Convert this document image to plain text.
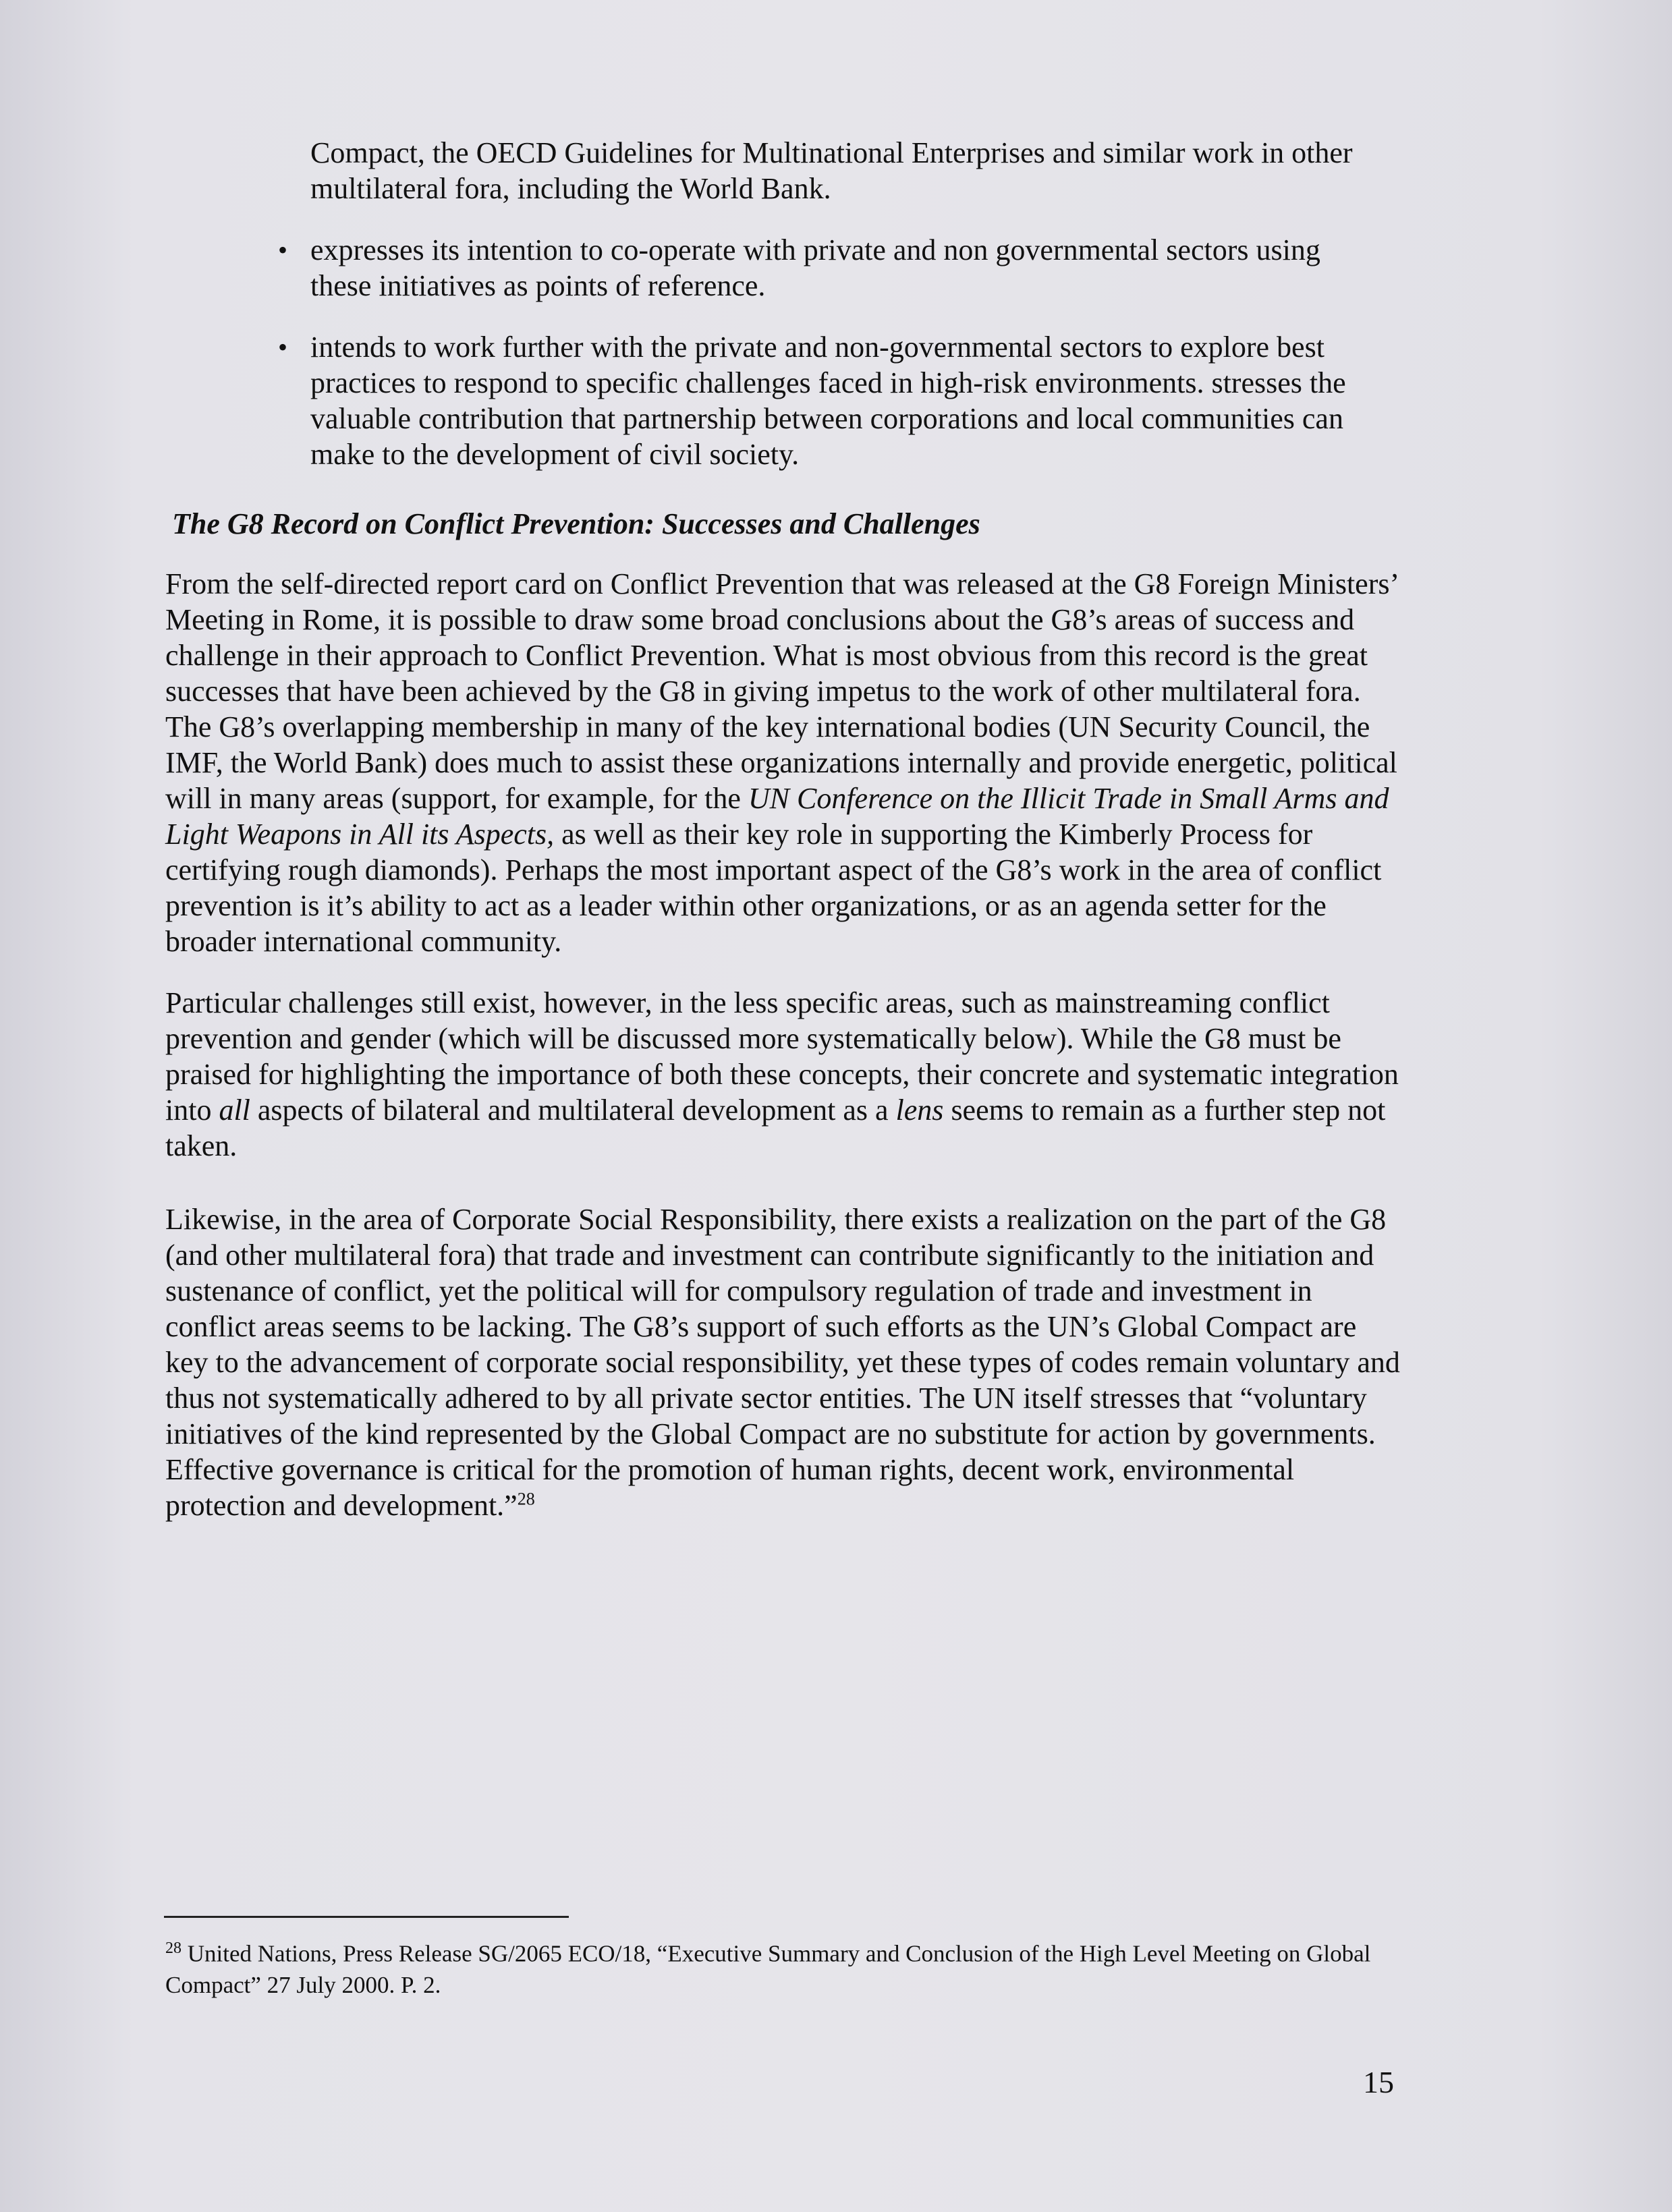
Compact, the OECD Guidelines for Multinational Enterprises and similar work in other multilateral fora, including the World Bank.

• expresses its intention to co-operate with private and non governmental sectors using these initiatives as points of reference.
• intends to work further with the private and non-governmental sectors to explore best practices to respond to specific challenges faced in high-risk environments. stresses the valuable contribution that partnership between corporations and local communities can make to the development of civil society.
The G8 Record on Conflict Prevention: Successes and Challenges

From the self-directed report card on Conflict Prevention that was released at the G8 Foreign Ministers’ Meeting in Rome, it is possible to draw some broad conclusions about the G8’s areas of success and challenge in their approach to Conflict Prevention. What is most obvious from this record is the great successes that have been achieved by the G8 in giving impetus to the work of other multilateral fora. The G8’s overlapping membership in many of the key international bodies (UN Security Council, the IMF, the World Bank) does much to assist these organizations internally and provide energetic, political will in many areas (support, for example, for the UN Conference on the Illicit Trade in Small Arms and Light Weapons in All its Aspects, as well as their key role in supporting the Kimberly Process for certifying rough diamonds). Perhaps the most important aspect of the G8’s work in the area of conflict prevention is it’s ability to act as a leader within other organizations, or as an agenda setter for the broader international community.

Particular challenges still exist, however, in the less specific areas, such as mainstreaming conflict prevention and gender (which will be discussed more systematically below). While the G8 must be praised for highlighting the importance of both these concepts, their concrete and systematic integration into all aspects of bilateral and multilateral development as a lens seems to remain as a further step not taken.

Likewise, in the area of Corporate Social Responsibility, there exists a realization on the part of the G8 (and other multilateral fora) that trade and investment can contribute significantly to the initiation and sustenance of conflict, yet the political will for compulsory regulation of trade and investment in conflict areas seems to be lacking. The G8’s support of such efforts as the UN’s Global Compact are key to the advancement of corporate social responsibility, yet these types of codes remain voluntary and thus not systematically adhered to by all private sector entities. The UN itself stresses that “voluntary initiatives of the kind represented by the Global Compact are no substitute for action by governments. Effective governance is critical for the promotion of human rights, decent work, environmental protection and development.”$^{28}$

$^{28}$ United Nations, Press Release SG/2065 ECO/18, “Executive Summary and Conclusion of the High Level Meeting on Global Compact” 27 July 2000. P. 2.
15
